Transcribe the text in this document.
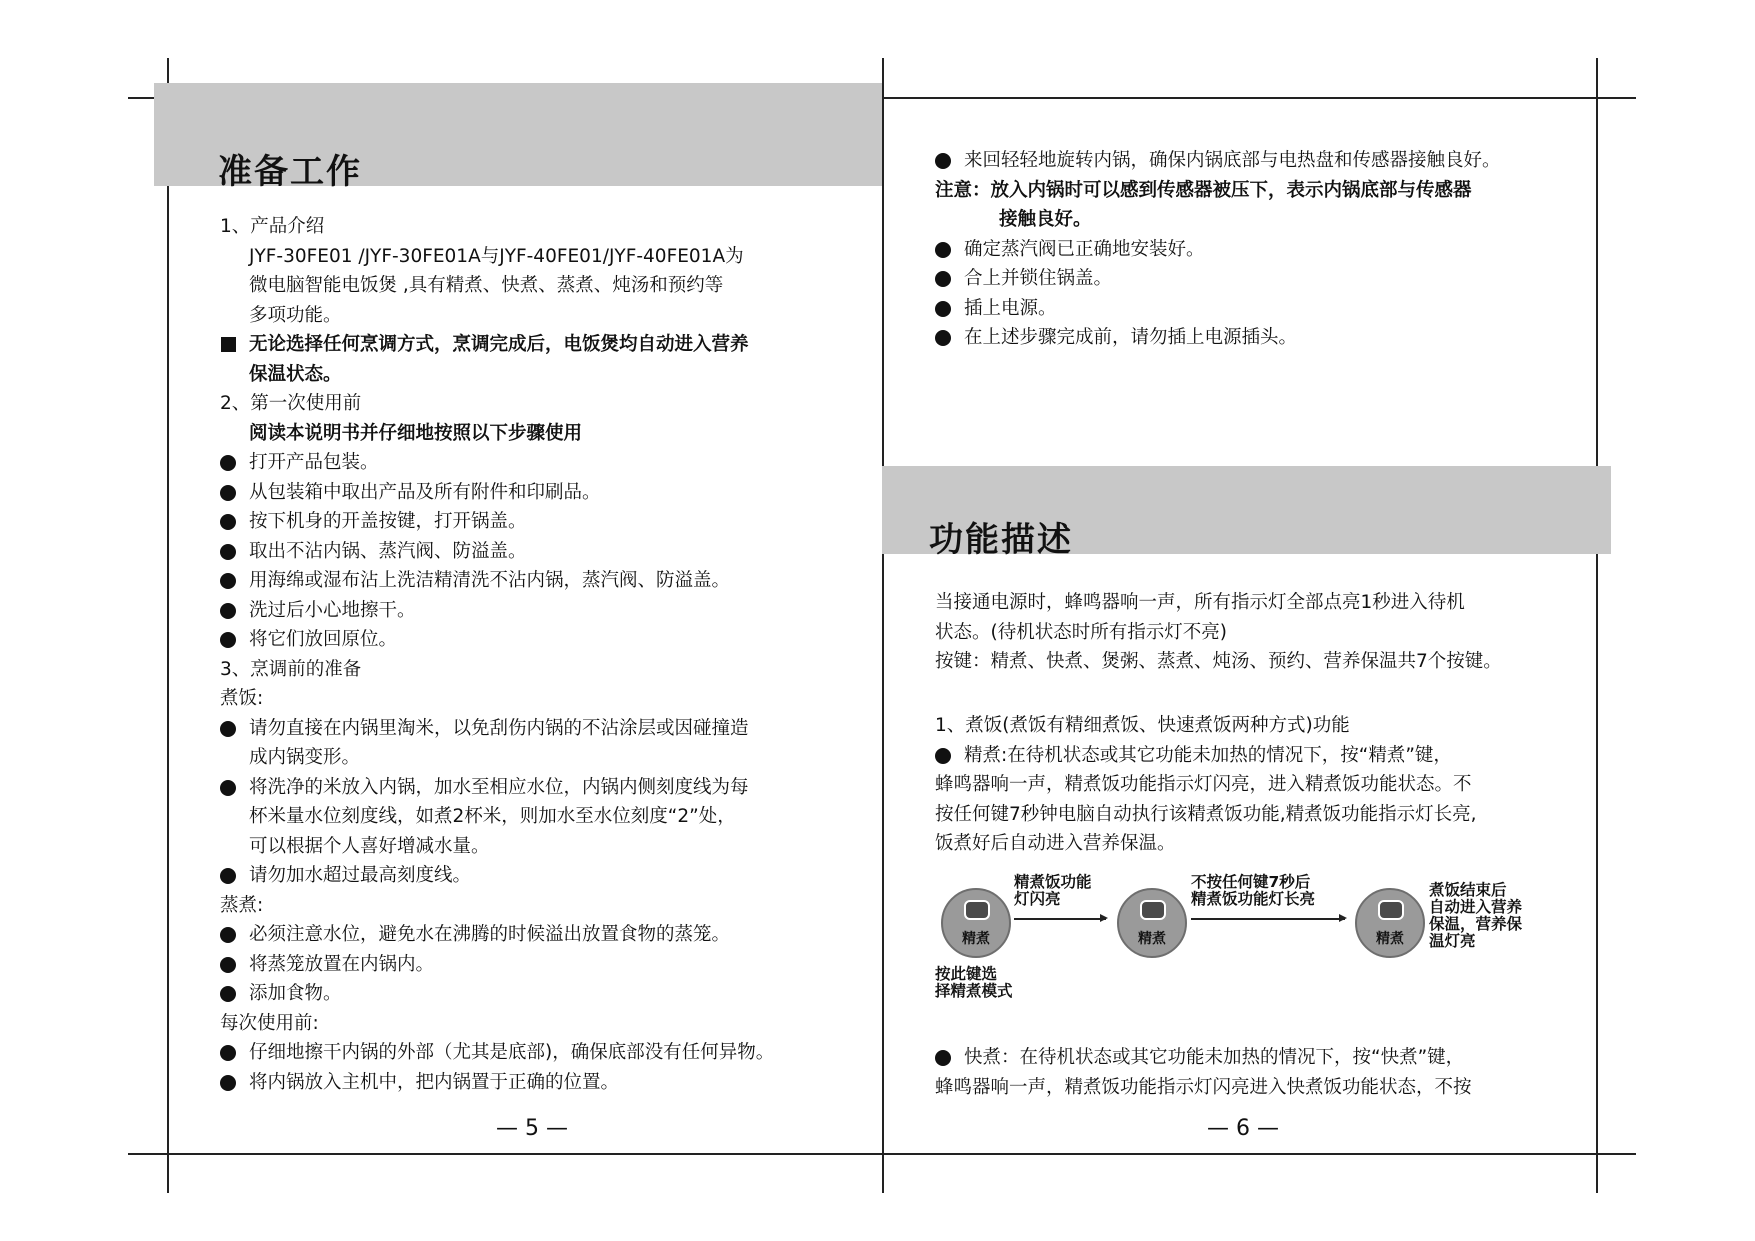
准备工作
1、产品介绍
JYF-30FE01 /JYF-30FE01A与JYF-40FE01/JYF-40FE01A为
微电脑智能电饭煲 ,具有精煮、快煮、蒸煮、炖汤和预约等
多项功能。
无论选择任何烹调方式，烹调完成后，电饭煲均自动进入营养
保温状态。
2、第一次使用前
阅读本说明书并仔细地按照以下步骤使用
打开产品包装。
从包装箱中取出产品及所有附件和印刷品。
按下机身的开盖按键，打开锅盖。
取出不沾内锅、蒸汽阀、防溢盖。
用海绵或湿布沾上洗洁精清洗不沾内锅，蒸汽阀、防溢盖。
洗过后小心地擦干。
将它们放回原位。
3、烹调前的准备
煮饭:
请勿直接在内锅里淘米，以免刮伤内锅的不沾涂层或因碰撞造
成内锅变形。
将洗净的米放入内锅，加水至相应水位，内锅内侧刻度线为每
杯米量水位刻度线，如煮2杯米，则加水至水位刻度“2”处，
可以根据个人喜好增减水量。
请勿加水超过最高刻度线。
蒸煮:
必须注意水位，避免水在沸腾的时候溢出放置食物的蒸笼。
将蒸笼放置在内锅内。
添加食物。
每次使用前:
仔细地擦干内锅的外部（尤其是底部)，确保底部没有任何异物。
将内锅放入主机中，把内锅置于正确的位置。
— 5 —
来回轻轻地旋转内锅，确保内锅底部与电热盘和传感器接触良好。
注意：放入内锅时可以感到传感器被压下，表示内锅底部与传感器
接触良好。
确定蒸汽阀已正确地安装好。
合上并锁住锅盖。
插上电源。
在上述步骤完成前，请勿插上电源插头。
功能描述
当接通电源时，蜂鸣器响一声，所有指示灯全部点亮1秒进入待机
状态。(待机状态时所有指示灯不亮)
按键：精煮、快煮、煲粥、蒸煮、炖汤、预约、营养保温共7个按键。
1、煮饭(煮饭有精细煮饭、快速煮饭两种方式)功能
精煮:在待机状态或其它功能未加热的情况下，按“精煮”键，
蜂鸣器响一声，精煮饭功能指示灯闪亮，进入精煮饭功能状态。不
按任何键7秒钟电脑自动执行该精煮饭功能,精煮饭功能指示灯长亮,
饭煮好后自动进入营养保温。
精煮
精煮饭功能
灯闪亮
精煮
不按任何键7秒后
精煮饭功能灯长亮
精煮
煮饭结束后
自动进入营养
保温，营养保
温灯亮
按此键选
择精煮模式
快煮：在待机状态或其它功能未加热的情况下，按“快煮”键，
蜂鸣器响一声，精煮饭功能指示灯闪亮进入快煮饭功能状态，不按
— 6 —
